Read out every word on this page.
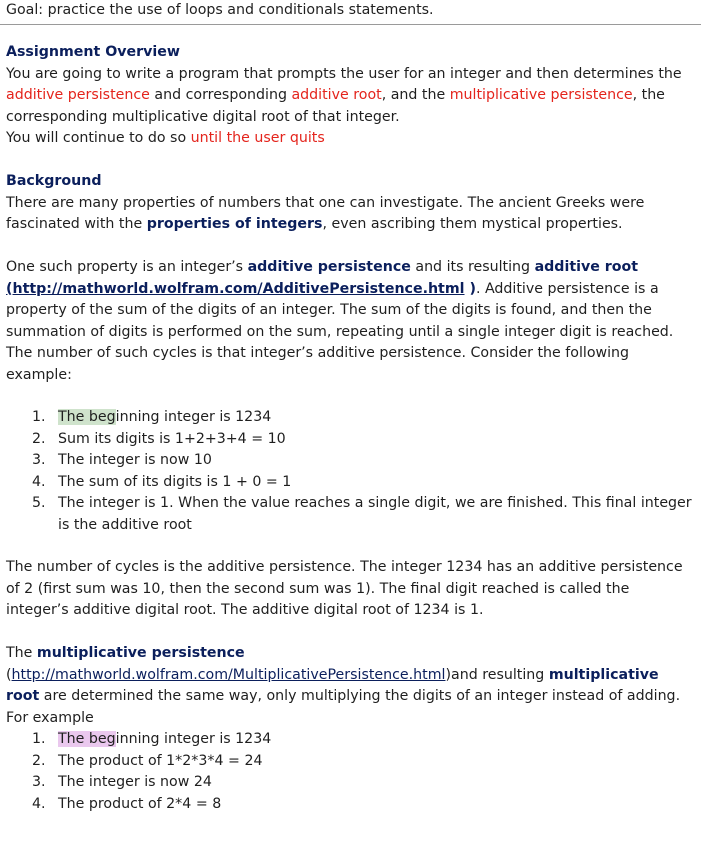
Goal: practice the use of loops and conditionals statements.
Assignment Overview
You are going to write a program that prompts the user for an integer and then determines the additive persistence and corresponding additive root, and the multiplicative persistence, the corresponding multiplicative digital root of that integer.
You will continue to do so until the user quits
Background
There are many properties of numbers that one can investigate. The ancient Greeks were fascinated with the properties of integers, even ascribing them mystical properties.
One such property is an integer’s additive persistence and its resulting additive root (http://mathworld.wolfram.com/AdditivePersistence.html ). Additive persistence is a property of the sum of the digits of an integer. The sum of the digits is found, and then the summation of digits is performed on the sum, repeating until a single integer digit is reached. The number of such cycles is that integer’s additive persistence. Consider the following example:
1. The beginning integer is 1234
2. Sum its digits is 1+2+3+4 = 10
3. The integer is now 10
4. The sum of its digits is 1 + 0 = 1
5. The integer is 1. When the value reaches a single digit, we are finished. This final integer is the additive root
The number of cycles is the additive persistence. The integer 1234 has an additive persistence of 2 (first sum was 10, then the second sum was 1). The final digit reached is called the integer’s additive digital root. The additive digital root of 1234 is 1.
The multiplicative persistence (http://mathworld.wolfram.com/MultiplicativePersistence.html)and resulting multiplicative root are determined the same way, only multiplying the digits of an integer instead of adding. For example
1. The beginning integer is 1234
2. The product of 1*2*3*4 = 24
3. The integer is now 24
4. The product of 2*4 = 8
